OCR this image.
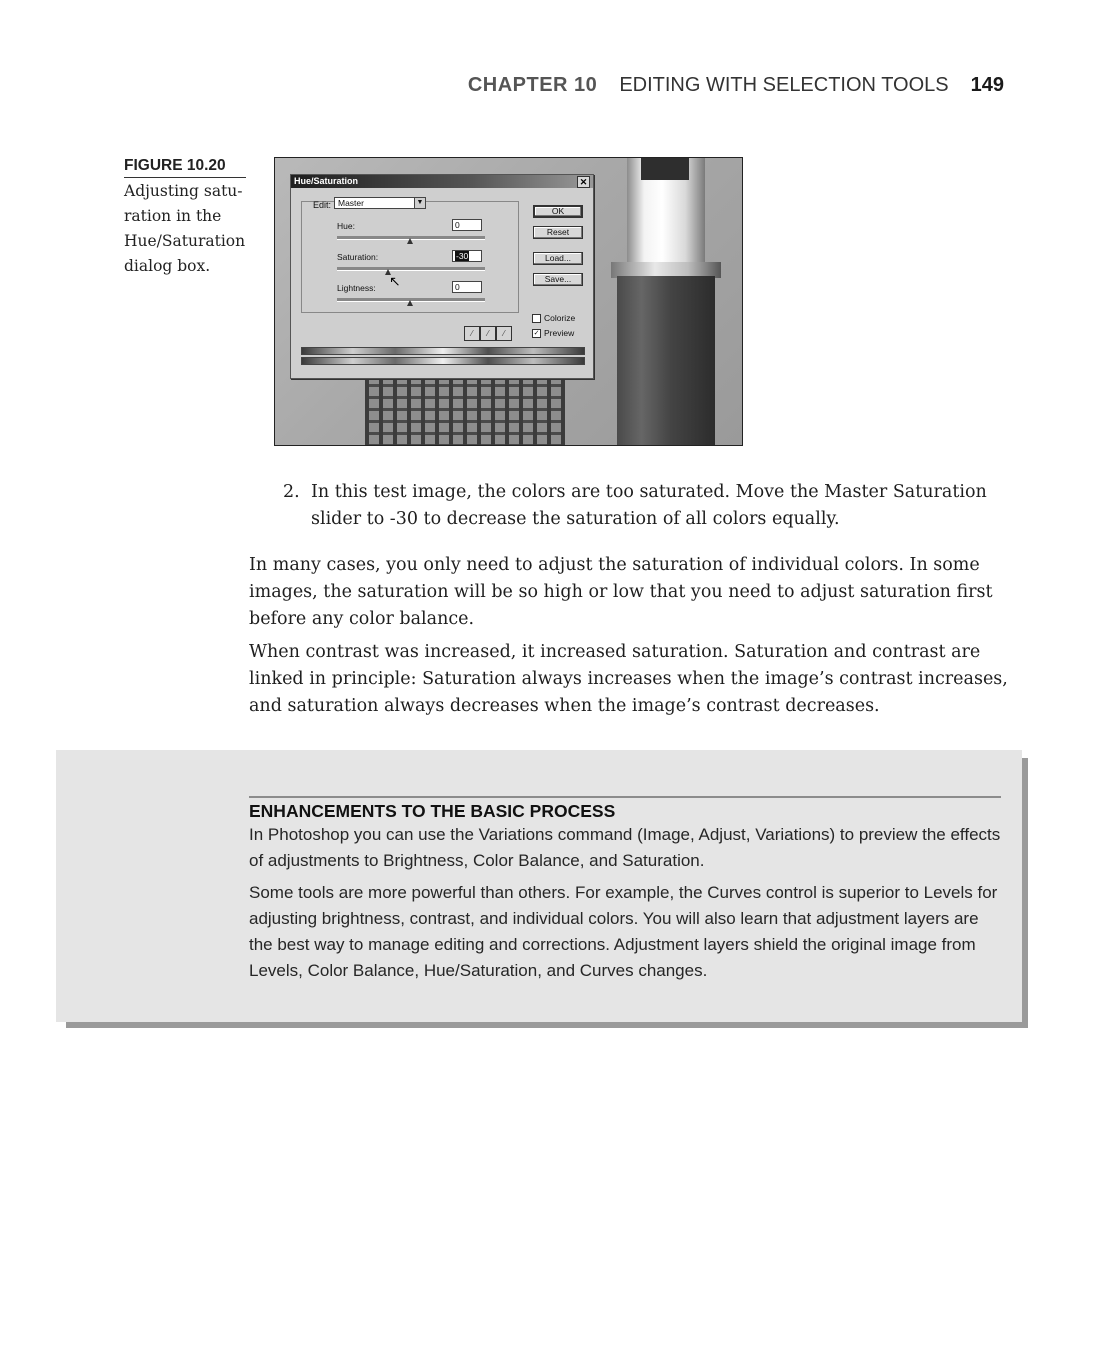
CHAPTER 10 EDITING WITH SELECTION TOOLS 149
FIGURE 10.20
Adjusting satu- ration in the Hue/Saturation dialog box.
Hue/Saturation	✕
Edit: Master	▼
Hue:	0
Saturation:	-30
Lightness:	0
↖
OK
Reset
Load...
Save...
Colorize
✓ Preview
⁄	⁄	⁄
2. In this test image, the colors are too saturated. Move the Master Saturation slider to -30 to decrease the saturation of all colors equally.

In many cases, you only need to adjust the saturation of individual colors. In some images, the saturation will be so high or low that you need to adjust saturation first before any color balance.

When contrast was increased, it increased saturation. Saturation and contrast are linked in principle: Saturation always increases when the image’s contrast increases, and saturation always decreases when the image’s contrast decreases.

ENHANCEMENTS TO THE BASIC PROCESS

In Photoshop you can use the Variations command (Image, Adjust, Variations) to preview the effects of adjustments to Brightness, Color Balance, and Saturation.

Some tools are more powerful than others. For example, the Curves control is superior to Levels for adjusting brightness, contrast, and individual colors. You will also learn that adjustment layers are the best way to manage editing and corrections. Adjustment layers shield the original image from Levels, Color Balance, Hue/Saturation, and Curves changes.
